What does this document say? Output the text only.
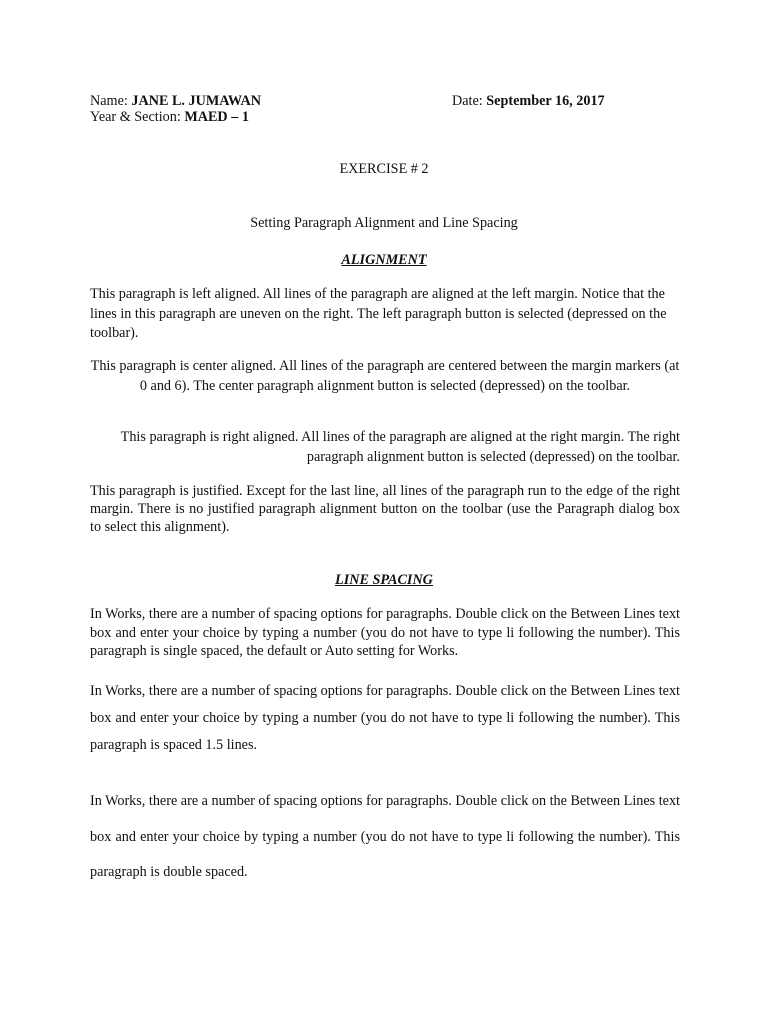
Name: JANE L. JUMAWAN	Date: September 16, 2017
Year & Section: MAED – 1
EXERCISE # 2
Setting Paragraph Alignment and Line Spacing
ALIGNMENT

This paragraph is left aligned. All lines of the paragraph are aligned at the left margin. Notice that the lines in this paragraph are uneven on the right. The left paragraph button is selected (depressed on the toolbar).

This paragraph is center aligned. All lines of the paragraph are centered between the margin markers (at 0 and 6). The center paragraph alignment button is selected (depressed) on the toolbar.

This paragraph is right aligned. All lines of the paragraph are aligned at the right margin. The right paragraph alignment button is selected (depressed) on the toolbar.

This paragraph is justified. Except for the last line, all lines of the paragraph run to the edge of the right margin. There is no justified paragraph alignment button on the toolbar (use the Paragraph dialog box to select this alignment).

LINE SPACING

In Works, there are a number of spacing options for paragraphs. Double click on the Between Lines text box and enter your choice by typing a number (you do not have to type li following the number). This paragraph is single spaced, the default or Auto setting for Works.

In Works, there are a number of spacing options for paragraphs. Double click on the Between Lines text box and enter your choice by typing a number (you do not have to type li following the number). This paragraph is spaced 1.5 lines.

In Works, there are a number of spacing options for paragraphs. Double click on the Between Lines text box and enter your choice by typing a number (you do not have to type li following the number). This paragraph is double spaced.
